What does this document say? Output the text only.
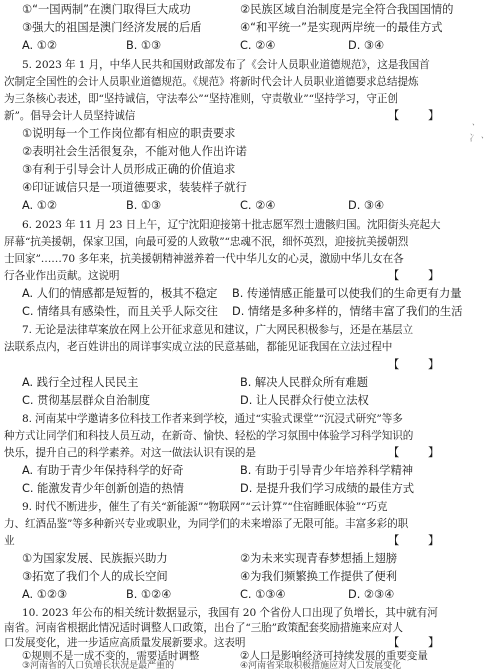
①“一国两制”在澳门取得巨大成功	②民族区域自治制度是完全符合我国国情的
③强大的祖国是澳门经济发展的后盾	④“和平统一”是实现两岸统一的最佳方式
A. ①②	B. ①③	C. ②④	D. ③④
5. 2023 年 1 月，中华人民共和国财政部发布了《会计人员职业道德规范》，这是我国首
次制定全国性的会计人员职业道德规范。《规范》将新时代会计人员职业道德要求总结提炼
为三条核心表述，即“坚持诚信，守法奉公”“坚持准则，守责敬业”“坚持学习，守正创
新”。倡导会计人员坚持诚信	【        】
①说明每一个工作岗位都有相应的职责要求
②表明社会生活很复杂，不能对他人作出许诺
③有利于引导会计人员形成正确的价值追求
④印证诚信只是一项道德要求，装装样子就行
A. ①②	B. ①③	C. ②④	D. ③④
6. 2023 年 11 月 23 日上午，辽宁沈阳迎接第十批志愿军烈士遗骸归国。沈阳街头亮起大
屏幕“抗美援朝，保家卫国，向最可爱的人致敬”“忠魂不泯，细怀英烈，迎接抗美援朝烈
士回家”……70 多年来，抗美援朝精神滋养着一代中华儿女的心灵，激励中华儿女在各
行各业作出贡献。这说明	【        】
A. 人们的情感都是短暂的，极其不稳定 B. 传递情感正能量可以使我们的生命更有力量
C. 情绪具有感染性，而且关乎人际交往 D. 情绪是多种多样的，情绪丰富了我们的生活
7. 无论是法律草案放在网上公开征求意见和建议，广大网民积极参与，还是在基层立
法联系点内，老百姓讲出的周详事实成立法的民意基础，都能见证我国在立法过程中
【        】
A. 践行全过程人民民主	B. 解决人民群众所有难题
C. 贯彻基层群众自治制度	D. 让人民群众行使立法权
8. 河南某中学邀请多位科技工作者来到学校，通过“实验式课堂”“沉浸式研究”等多
种方式让同学们和科技人员互动，在新奇、愉快、轻松的学习氛围中体验学习科学知识的
快乐，提升自己的科学素养。对这一做法认识有误的是	【        】
A. 有助于青少年保持科学的好奇	B. 有助于引导青少年培养科学精神
C. 能激发青少年创新创造的热情	D. 是提升我们学习成绩的最佳方式
9. 时代不断进步，催生了有关“新能源”“物联网”“云计算”“住宿睡眠体验”“巧克
力、红酒品鉴”等多种新兴专业或职业，为同学们的未来增添了无限可能。丰富多彩的职
业	【        】
①为国家发展、民族振兴助力	②为未来实现青春梦想插上翅膀
③拓宽了我们个人的成长空间	④为我们频繁换工作提供了便利
A. ①②③	B. ①②④	C. ①③④	D. ②③④
10. 2023 年公布的相关统计数据显示，我国有 20 个省份人口出现了负增长，其中就有河
南省。河南省根据此情况适时调整人口政策，出台了“三胎”政策配套奖励措施来应对人
口发展变化，进一步适应高质量发展新要求。这表明	【        】
①规则不是一成不变的，需要适时调整	②人口是影响经济可持续发展的重要变量
③河南省的人口负增长状况是最严重的	④河南省采取积极措施应对人口发展变化
ㆍ 冫ㆍ
